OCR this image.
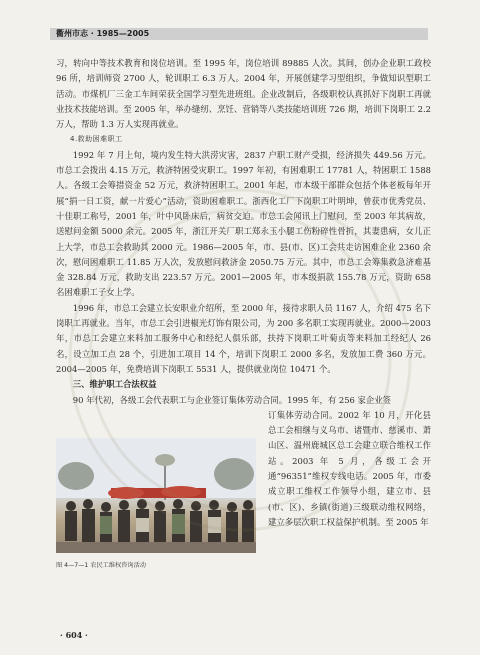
衢州市志 · 1985—2005

习，转向中等技术教育和岗位培训。至 1995 年，岗位培训 89885 人次。其间，创办企业职工政校 96 所，培训师资 2700 人，轮训职工 6.3 万人。2004 年，开展创建学习型组织，争做知识型职工活动。市煤机厂三金工车间荣获全国学习型先进班组。企业改制后，各级职校认真抓好下岗职工再就业技术技能培训。至 2005 年，举办缝纫、烹饪、营销等八类技能培训班 726 期，培训下岗职工 2.2 万人，帮助 1.3 万人实现再就业。

4.救助困难职工

1992 年 7 月上旬，境内发生特大洪涝灾害，2837 户职工财产受损，经济损失 449.56 万元。市总工会拨出 4.15 万元，救济特困受灾职工。1997 年初，有困难职工 17781 人，特困职工 1588 人。各级工会筹措资金 52 万元，救济特困职工。2001 年起，市本级干部群众包括个体老板每年开展“捐一日工资，献一片爱心”活动，资助困难职工。浙西化工厂下岗职工叶明坤，曾获市优秀党员、十佳职工称号，2001 年，叶中风卧床后，病贫交迫。市总工会闻讯上门慰问，至 2003 年其病故，送慰问金额 5000 余元。2005 年，浙江开关厂职工郑永玉小腿工伤粉碎性骨折，其妻患病，女儿正上大学，市总工会救助其 2000 元。1986—2005 年，市、县(市、区)工会共走访困难企业 2360 余次，慰问困难职工 11.85 万人次，发放慰问救济金 2050.75 万元。其中，市总工会筹集救急济难基金 328.84 万元，救助支出 223.57 万元。2001—2005 年，市本级捐款 155.78 万元，资助 658 名困难职工子女上学。

1996 年，市总工会建立长安职业介绍所，至 2000 年，接待求职人员 1167 人，介绍 475 名下岗职工再就业。当年，市总工会引进椒光灯饰有限公司，为 200 多名职工实现再就业。2000—2003 年，市总工会建立来料加工服务中心和经纪人俱乐部，扶持下岗职工叶菊贞等来料加工经纪人 26 名，设立加工点 28 个，引进加工项目 14 个，培训下岗职工 2000 多名，发放加工费 360 万元。2004—2005 年，免费培训下岗职工 5531 人，提供就业岗位 10471 个。

三、维护职工合法权益

90 年代初，各级工会代表职工与企业签订集体劳动合同。1995 年，有 256 家企业签

图 4—7—1 农民工维权咨询活动

订集体劳动合同。2002 年 10 月，开化县总工会相继与义乌市、诸暨市、慈溪市、萧山区、温州鹿城区总工会建立联合维权工作站。2003 年 5 月，各级工会开通“96351”维权专线电话。2005 年，市委成立职工维权工作领导小组，建立市、县(市、区)、乡镇(街道)三级联动维权网络，建立多层次职工权益保护机制。至 2005 年

· 604 ·
